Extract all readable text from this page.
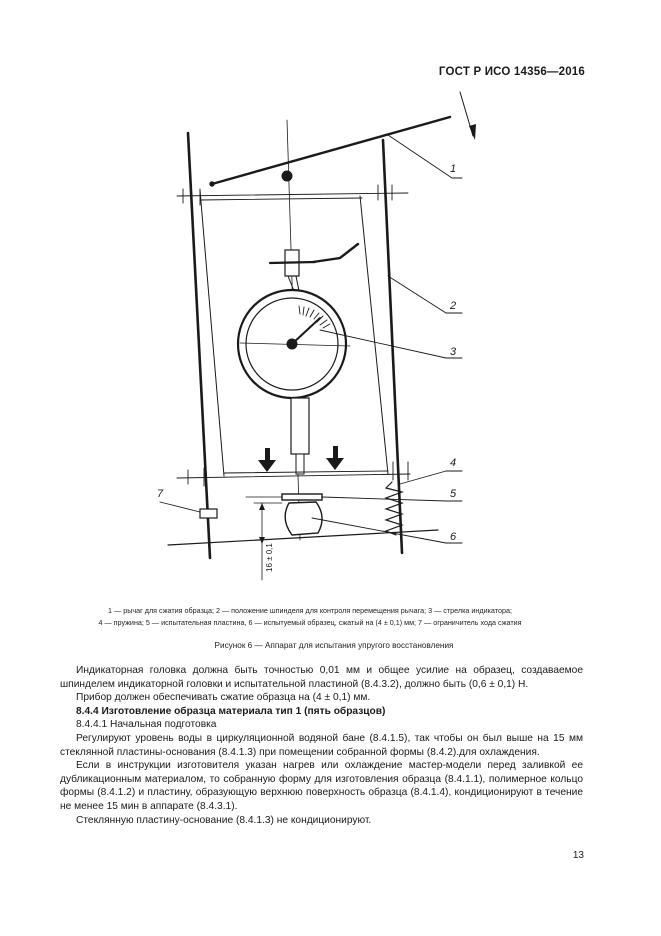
ГОСТ Р ИСО 14356—2016
1
2
3
4
5
6
7
16 ± 0,1
1 — рычаг для сжатия образца; 2 — положение шпинделя для контроля перемещения рычага; 3 — стрелка индикатора;
4 — пружина; 5 — испытательная пластина, 6 — испытуемый образец, сжатый на (4 ± 0,1) мм; 7 — ограничитель хода сжатия
Рисунок 6 — Аппарат для испытания упругого восстановления

Индикаторная головка должна быть точностью 0,01 мм и общее усилие на образец, создаваемое шпинделем индикаторной головки и испытательной пластиной (8.4.3.2), должно быть (0,6 ± 0,1) Н.

Прибор должен обеспечивать сжатие образца на (4 ± 0,1) мм.

8.4.4 Изготовление образца материала тип 1 (пять образцов)

8.4.4.1 Начальная подготовка

Регулируют уровень воды в циркуляционной водяной бане (8.4.1.5), так чтобы он был выше на 15 мм стеклянной пластины-основания (8.4.1.3) при помещении собранной формы (8.4.2).для охлаждения.

Если в инструкции изготовителя указан нагрев или охлаждение мастер-модели перед заливкой ее дубликационным материалом, то собранную форму для изготовления образца (8.4.1.1), полимерное кольцо формы (8.4.1.2) и пластину, образующую верхнюю поверхность образца (8.4.1.4), кондиционируют в течение не менее 15 мин в аппарате (8.4.3.1).

Стеклянную пластину-основание (8.4.1.3) не кондиционируют.

13
